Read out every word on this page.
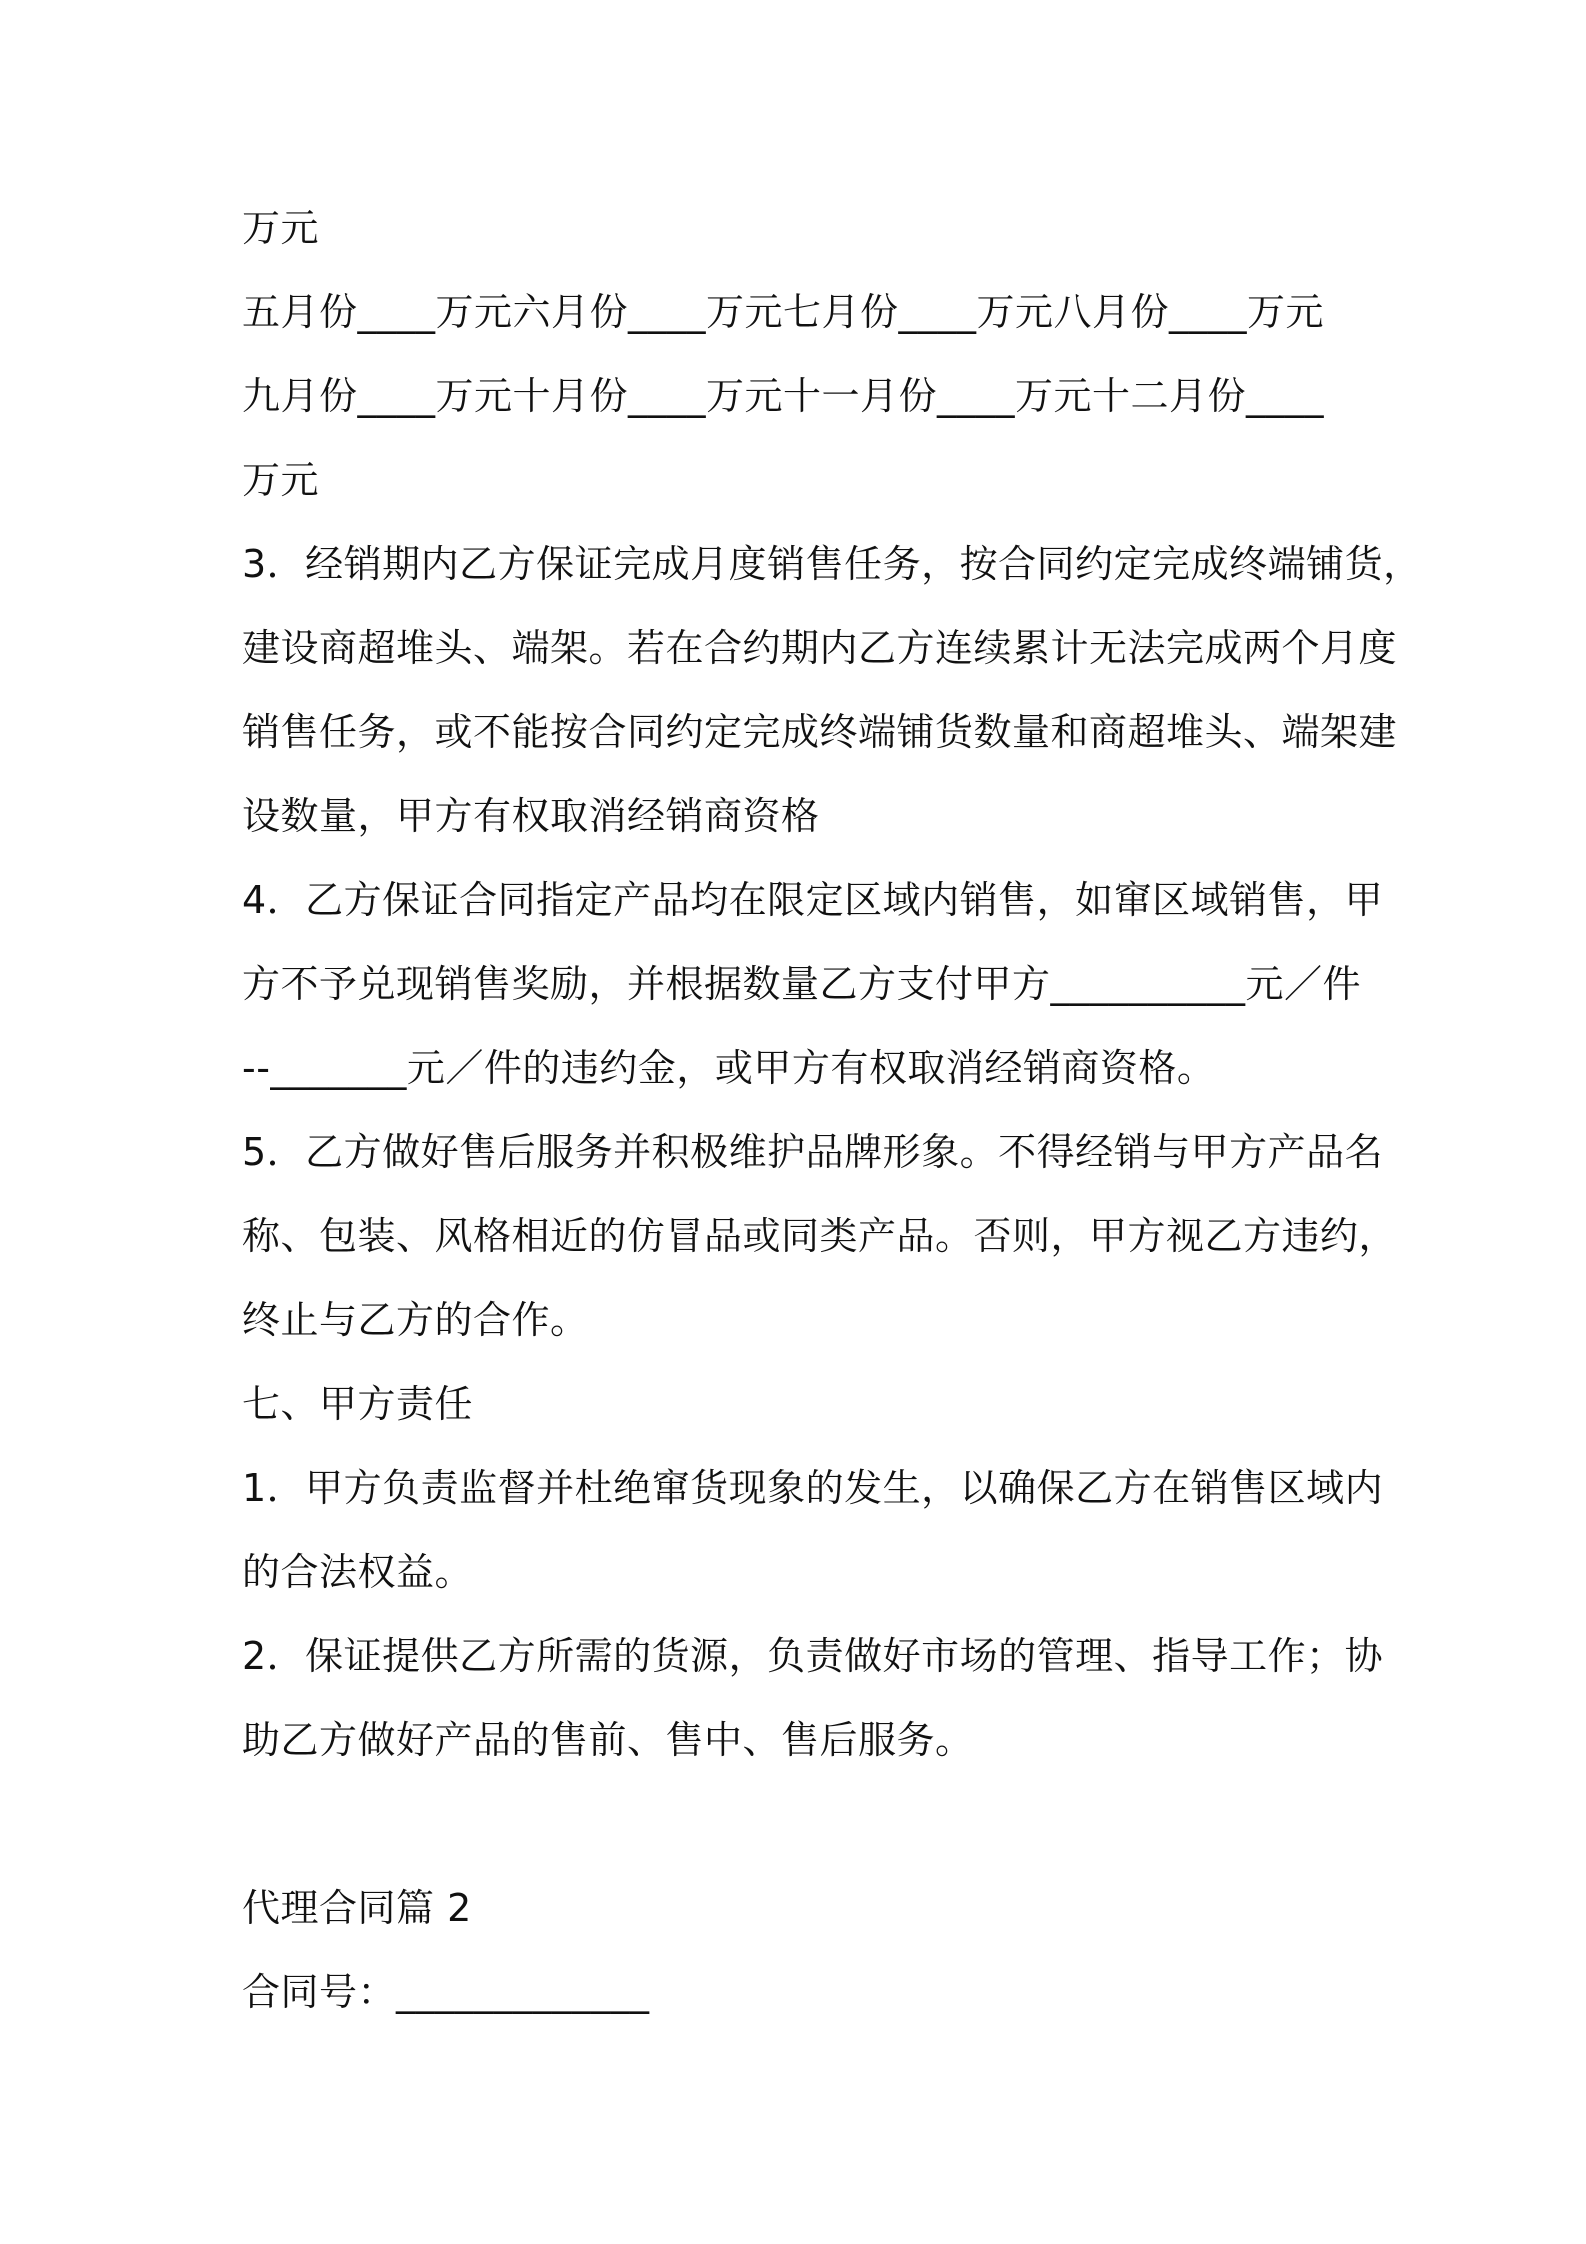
万元
五月份____万元六月份____万元七月份____万元八月份____万元
九月份____万元十月份____万元十一月份____万元十二月份____
万元
3．经销期内乙方保证完成月度销售任务，按合同约定完成终端铺货，
建设商超堆头、端架。若在合约期内乙方连续累计无法完成两个月度
销售任务，或不能按合同约定完成终端铺货数量和商超堆头、端架建
设数量，甲方有权取消经销商资格
4．乙方保证合同指定产品均在限定区域内销售，如窜区域销售，甲
方不予兑现销售奖励，并根据数量乙方支付甲方__________元／件
--_______元／件的违约金，或甲方有权取消经销商资格。
5．乙方做好售后服务并积极维护品牌形象。不得经销与甲方产品名
称、包装、风格相近的仿冒品或同类产品。否则，甲方视乙方违约，
终止与乙方的合作。
七、甲方责任
1．甲方负责监督并杜绝窜货现象的发生，以确保乙方在销售区域内
的合法权益。
2．保证提供乙方所需的货源，负责做好市场的管理、指导工作；协
助乙方做好产品的售前、售中、售后服务。
代理合同篇 2
合同号：_____________
